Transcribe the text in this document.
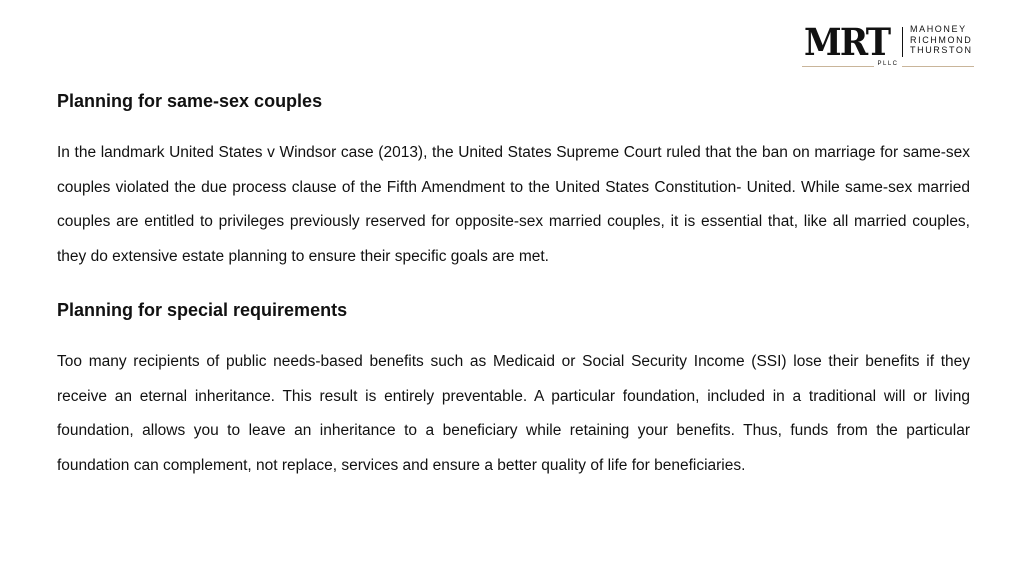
MRT MAHONEY
RICHMOND
THURSTON
PLLC
Planning for same-sex couples

In the landmark United States v Windsor case (2013), the United States Supreme Court ruled that the ban on marriage for same-sex couples violated the due process clause of the Fifth Amendment to the United States Constitution- United. While same-sex married couples are entitled to privileges previously reserved for opposite-sex married couples, it is essential that, like all married couples, they do extensive estate planning to ensure their specific goals are met.

Planning for special requirements

Too many recipients of public needs-based benefits such as Medicaid or Social Security Income (SSI) lose their benefits if they receive an eternal inheritance. This result is entirely preventable. A particular foundation, included in a traditional will or living foundation, allows you to leave an inheritance to a beneficiary while retaining your benefits. Thus, funds from the particular foundation can complement, not replace, services and ensure a better quality of life for beneficiaries.
